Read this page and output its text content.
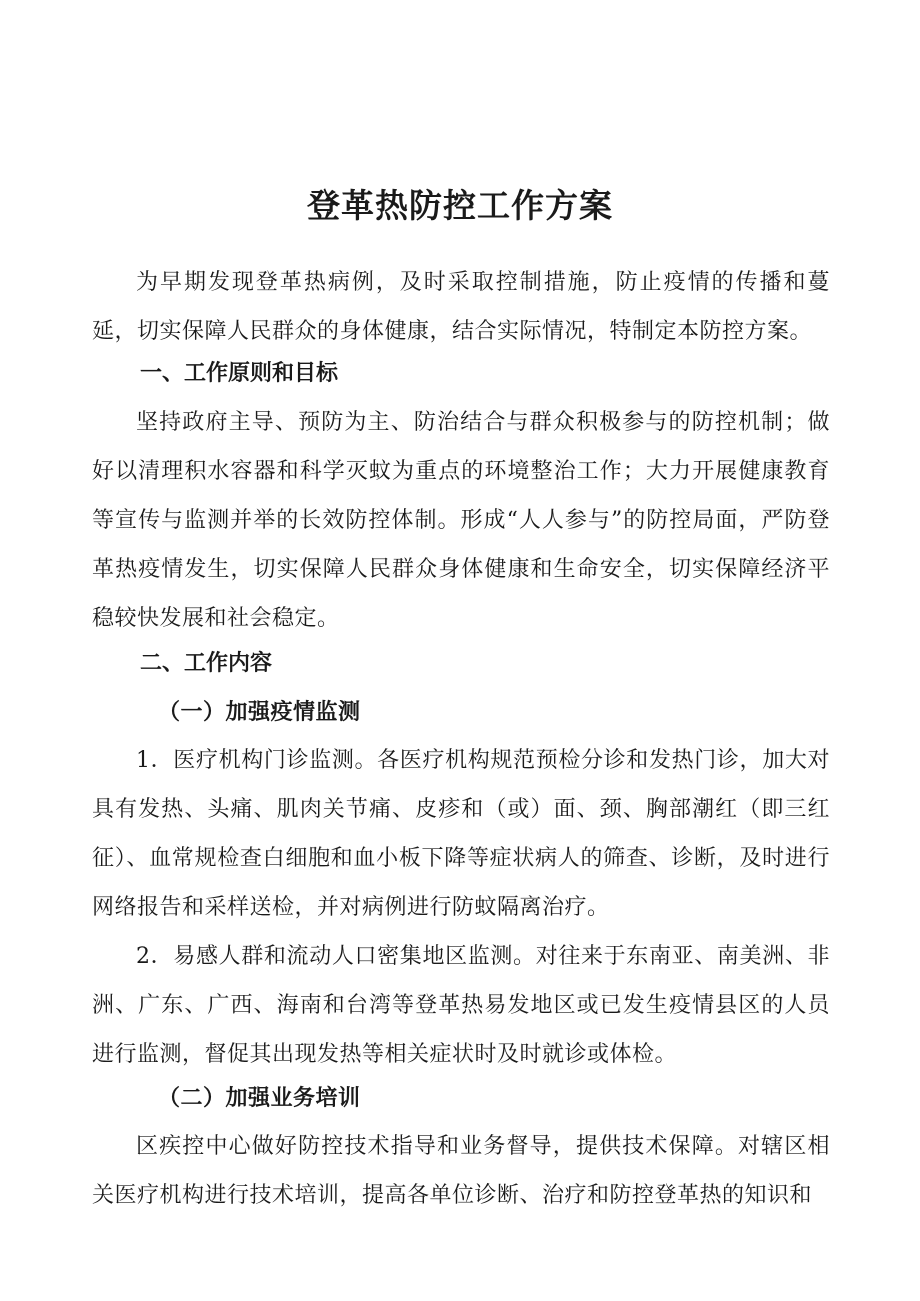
登革热防控工作方案

为早期发现登革热病例，及时采取控制措施，防止疫情的传播和蔓延，切实保障人民群众的身体健康，结合实际情况，特制定本防控方案。

一、工作原则和目标

坚持政府主导、预防为主、防治结合与群众积极参与的防控机制；做好以清理积水容器和科学灭蚊为重点的环境整治工作；大力开展健康教育等宣传与监测并举的长效防控体制。形成“人人参与”的防控局面，严防登革热疫情发生，切实保障人民群众身体健康和生命安全，切实保障经济平稳较快发展和社会稳定。

二、工作内容
（一）加强疫情监测

1．医疗机构门诊监测。各医疗机构规范预检分诊和发热门诊，加大对具有发热、头痛、肌肉关节痛、皮疹和（或）面、颈、胸部潮红（即三红征）、血常规检查白细胞和血小板下降等症状病人的筛查、诊断，及时进行网络报告和采样送检，并对病例进行防蚊隔离治疗。

2．易感人群和流动人口密集地区监测。对往来于东南亚、南美洲、非洲、广东、广西、海南和台湾等登革热易发地区或已发生疫情县区的人员进行监测，督促其出现发热等相关症状时及时就诊或体检。

（二）加强业务培训

区疾控中心做好防控技术指导和业务督导，提供技术保障。对辖区相关医疗机构进行技术培训，提高各单位诊断、治疗和防控登革热的知识和
